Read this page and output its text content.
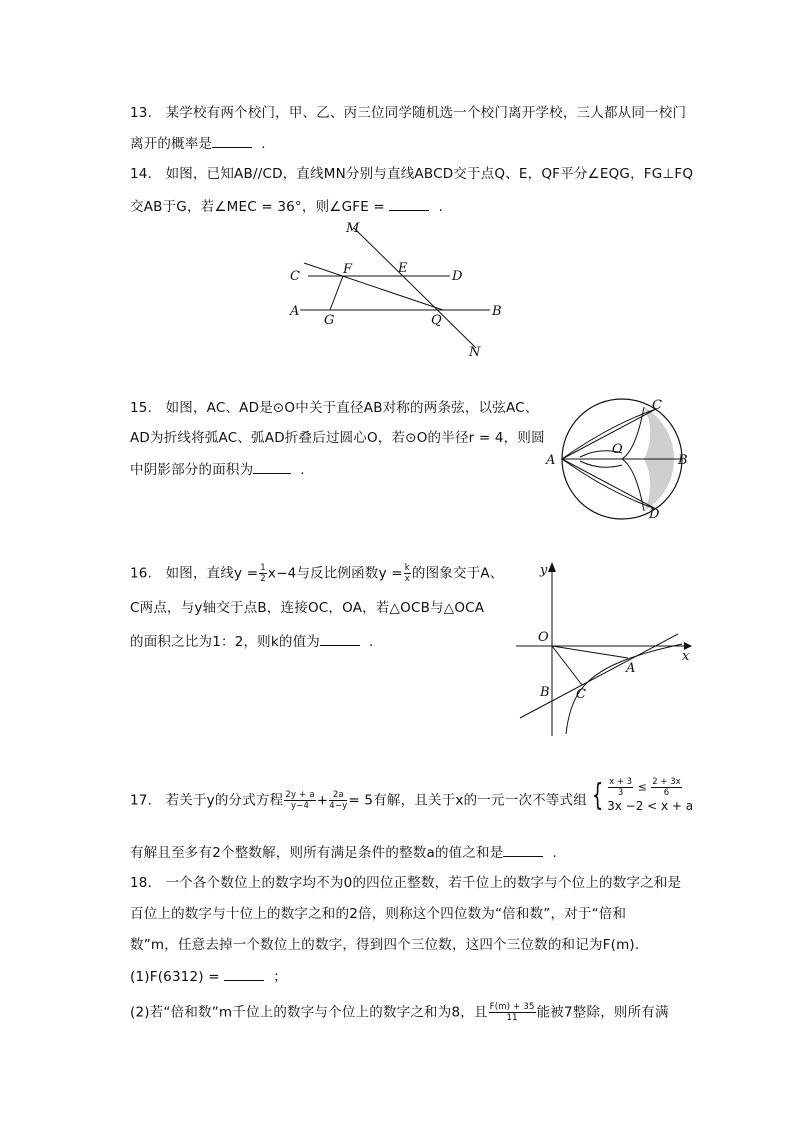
13. 某学校有两个校门，甲、乙、丙三位同学随机选一个校门离开学校，三人都从同一校门
离开的概率是	.
14. 如图，已知AB//CD，直线MN分别与直线ABCD交于点Q、E，QF平分∠EQG，FG⊥FQ
交AB于G，若∠MEC = 36°，则∠GFE =	.
M
C	F	E
D
A
G	Q
B
N
15. 如图，AC、AD是⊙O中关于直径AB对称的两条弦，以弦AC、
AD为折线将弧AC、弧AD折叠后过圆心O，若⊙O的半径r = 4，则圆
中阴影部分的面积为	.
A	B
C
D
O
16. 如图，直线$y = \frac{1}{2} x-4$与反比例函数$y = \frac{k}{x}$ 的图象交于A、
C两点，与y轴交于点B，连接OC，OA，若△OCB与△OCA
的面积之比为1：2，则k的值为	.
y
x
O
A
B C
17. 若关于y的分式方程 $\frac{2y + a}{y-4} + \frac{2a}{4-y} = 5$有解，且关于x的一元一次不等式组 { $\frac{x + 3}{3} \le \frac{2 + 3x}{6}$
3x −2 < x + a
有解且至多有2个整数解，则所有满足条件的整数a的值之和是	.
18. 一个各个数位上的数字均不为0的四位正整数，若千位上的数字与个位上的数字之和是
百位上的数字与十位上的数字之和的2倍，则称这个四位数为“倍和数”，对于“倍和
数”m，任意去掉一个数位上的数字，得到四个三位数，这四个三位数的和记为F(m).
(1)F(6312) =	；
(2)若“倍和数”m千位上的数字与个位上的数字之和为8，且 $\frac{F(m) + 35}{11}$ 能被7整除，则所有满
